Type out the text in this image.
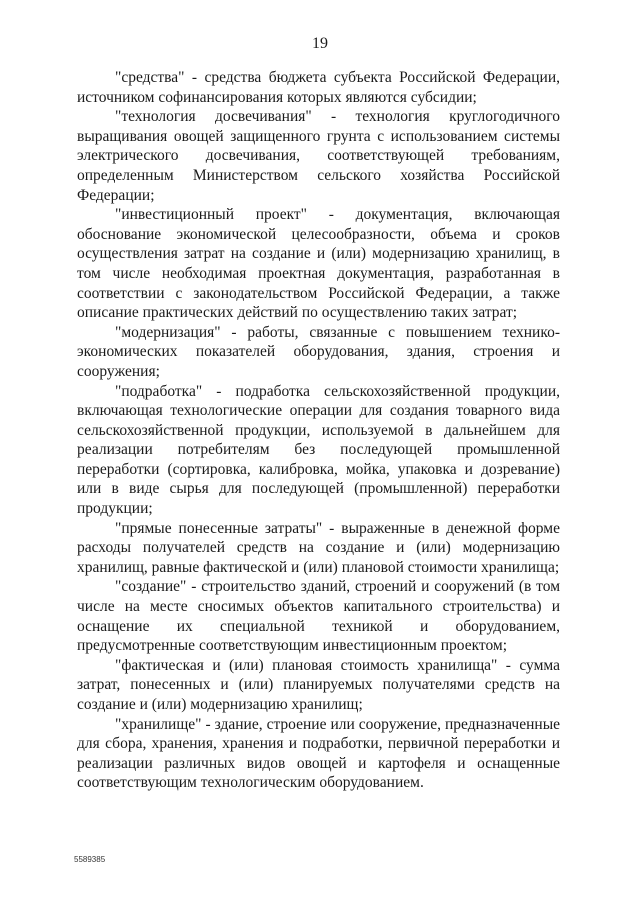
19

"средства" - средства бюджета субъекта Российской Федерации, источником софинансирования которых являются субсидии;

"технология досвечивания" - технология круглогодичного выращивания овощей защищенного грунта с использованием системы электрического досвечивания, соответствующей требованиям, определенным Министерством сельского хозяйства Российской Федерации;

"инвестиционный проект" - документация, включающая обоснование экономической целесообразности, объема и сроков осуществления затрат на создание и (или) модернизацию хранилищ, в том числе необходимая проектная документация, разработанная в соответствии с законодательством Российской Федерации, а также описание практических действий по осуществлению таких затрат;

"модернизация" - работы, связанные с повышением технико-экономических показателей оборудования, здания, строения и сооружения;

"подработка" - подработка сельскохозяйственной продукции, включающая технологические операции для создания товарного вида сельскохозяйственной продукции, используемой в дальнейшем для реализации потребителям без последующей промышленной переработки (сортировка, калибровка, мойка, упаковка и дозревание) или в виде сырья для последующей (промышленной) переработки продукции;

"прямые понесенные затраты" - выраженные в денежной форме расходы получателей средств на создание и (или) модернизацию хранилищ, равные фактической и (или) плановой стоимости хранилища;

"создание" - строительство зданий, строений и сооружений (в том числе на месте сносимых объектов капитального строительства) и оснащение их специальной техникой и оборудованием, предусмотренные соответствующим инвестиционным проектом;

"фактическая и (или) плановая стоимость хранилища" - сумма затрат, понесенных и (или) планируемых получателями средств на создание и (или) модернизацию хранилищ;

"хранилище" - здание, строение или сооружение, предназначенные для сбора, хранения, хранения и подработки, первичной переработки и реализации различных видов овощей и картофеля и оснащенные соответствующим технологическим оборудованием.

5589385
